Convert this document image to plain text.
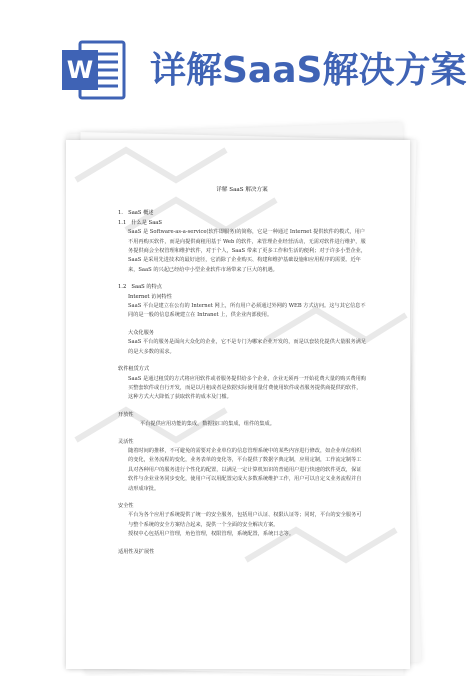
W 详解SaaS解决方案
详解 SaaS 解决方案

1.　SaaS 概述

1.1　什么是 SaaS

SaaS 是 Software-as-a-service(软件即服务)的简称，它是一种通过 Internet 提供软件的模式，用户不用再购买软件，而是向提供商租用基于 Web 的软件，来管理企业经营活动，无需对软件进行维护，服务提供商会全权管理和维护软件，对于个人，SaaS 带来了更多工作和生活的便利；对于许多小型企业，SaaS 是采用先进技术的最好途径，它消除了企业购买、构建和维护基础设施和应用程序的需要。近年来，SaaS 的兴起已经给中小型企业软件市场带来了巨大的机遇。

1.2　SaaS 的特点

Internet 访问特性

SaaS 平台是建立在公有的 Internet 网上，所有用户必须通过外网的 WEB 方式访问。这与其它信息不同的是一般的信息系统建立在 Intranet 上，供企业内部使用。

大众化服务

SaaS 平台的服务是面向大众化的企业，它不是专门为哪家企业开发的，而是以套装化提供大量服务满足的是大多数的需求。

软件租赁方式

SaaS 是通过租赁的方式将应用软件或者服务提供给多个企业，企业无须再一开始花费大量的购买费用购买整套软件或自行开发，而是以月租或者是依据实际使用量付费使用软件或者服务提供商提供的软件，这种方式大大降低了获取软件的成本及门槛。

开放性

平台提供应用功能的集成，数据接口的集成，组件的集成。

灵活性

随着时间的推移，不可避免的需要对企业单位的信息管理系统中的某些内容进行修改，如企业单位组织的变化，业务流程的变化，业务表单的变化等，平台提供了数据字典定制，应用定制，工作流定制等工具对各种用户的服务进行个性化的配置，以满足一定计算机知识的普通用户进行快速的软件更改，保证软件与企业业务同步变化，使用户可以用配置完成大多数系统维护工作，用户可以自定义业务流程并自动形成审批。

安全性

平台为各个应用子系统提供了统一的安全服务，包括用户认证、权限认证等；同时，平台的安全服务可与整个系统的安全方案结合起来，提供一个全面的安全解决方案。

授权中心包括用户管理，角色管理，权限管理，系统配置，系统日志等。

适用性及扩展性
